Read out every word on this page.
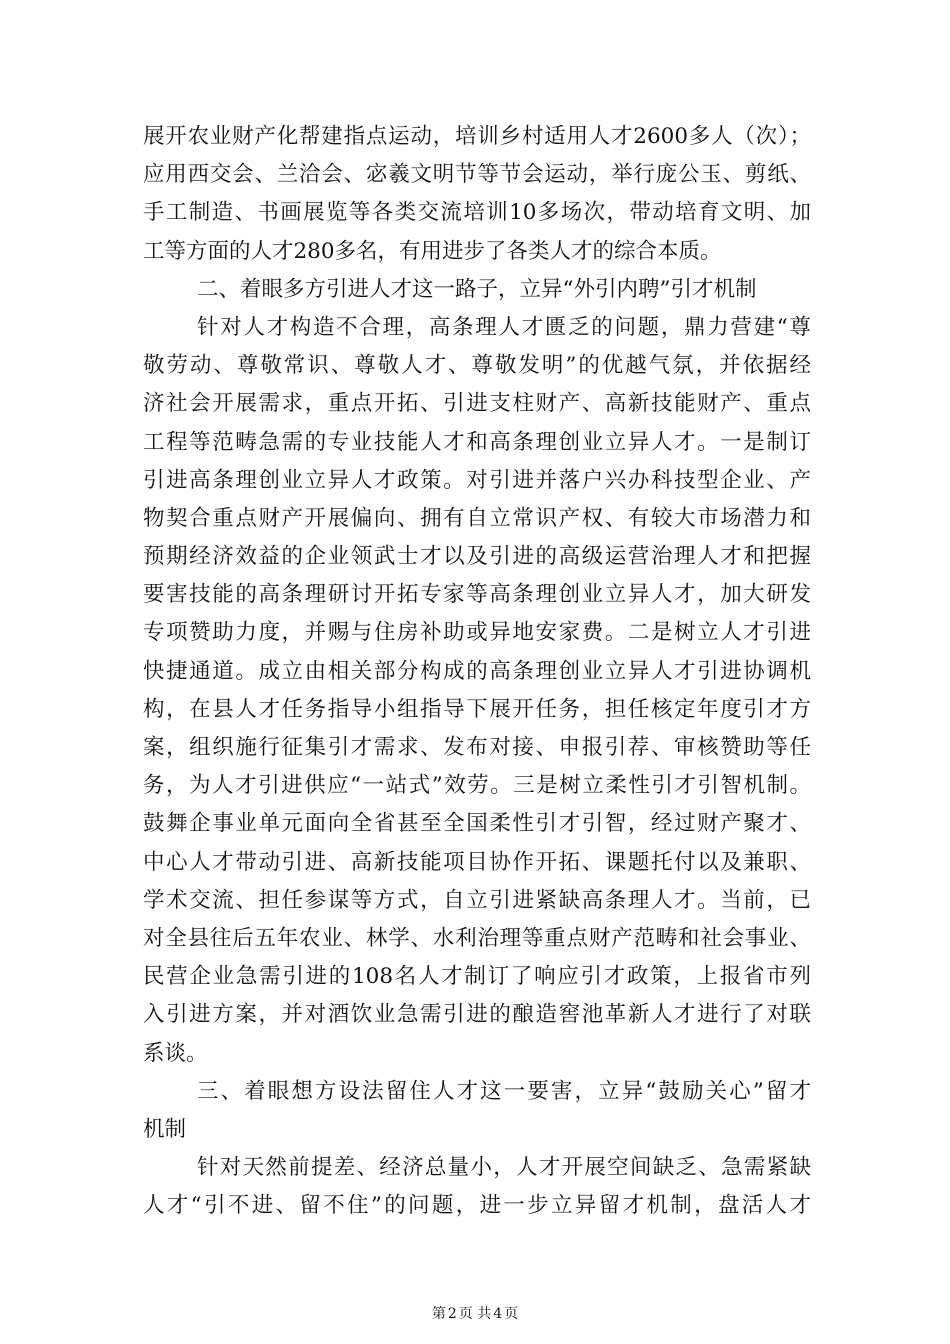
展开农业财产化帮建指点运动，培训乡村适用人才2600多人（次）；
应用西交会、兰洽会、宓羲文明节等节会运动，举行庞公玉、剪纸、
手工制造、书画展览等各类交流培训10多场次，带动培育文明、加
工等方面的人才280多名，有用进步了各类人才的综合本质。
二、着眼多方引进人才这一路子，立异“外引内聘”引才机制
针对人才构造不合理，高条理人才匮乏的问题，鼎力营建“尊
敬劳动、尊敬常识、尊敬人才、尊敬发明”的优越气氛，并依据经
济社会开展需求，重点开拓、引进支柱财产、高新技能财产、重点
工程等范畴急需的专业技能人才和高条理创业立异人才。一是制订
引进高条理创业立异人才政策。对引进并落户兴办科技型企业、产
物契合重点财产开展偏向、拥有自立常识产权、有较大市场潜力和
预期经济效益的企业领武士才以及引进的高级运营治理人才和把握
要害技能的高条理研讨开拓专家等高条理创业立异人才，加大研发
专项赞助力度，并赐与住房补助或异地安家费。二是树立人才引进
快捷通道。成立由相关部分构成的高条理创业立异人才引进协调机
构，在县人才任务指导小组指导下展开任务，担任核定年度引才方
案，组织施行征集引才需求、发布对接、申报引荐、审核赞助等任
务，为人才引进供应“一站式”效劳。三是树立柔性引才引智机制。
鼓舞企事业单元面向全省甚至全国柔性引才引智，经过财产聚才、
中心人才带动引进、高新技能项目协作开拓、课题托付以及兼职、
学术交流、担任参谋等方式，自立引进紧缺高条理人才。当前，已
对全县往后五年农业、林学、水利治理等重点财产范畴和社会事业、
民营企业急需引进的108名人才制订了响应引才政策，上报省市列
入引进方案，并对酒饮业急需引进的酿造窖池革新人才进行了对联
系谈。
三、着眼想方设法留住人才这一要害，立异“鼓励关心”留才
机制
针对天然前提差、经济总量小，人才开展空间缺乏、急需紧缺
人才“引不进、留不住”的问题，进一步立异留才机制，盘活人才
第 2 页 共 4 页
